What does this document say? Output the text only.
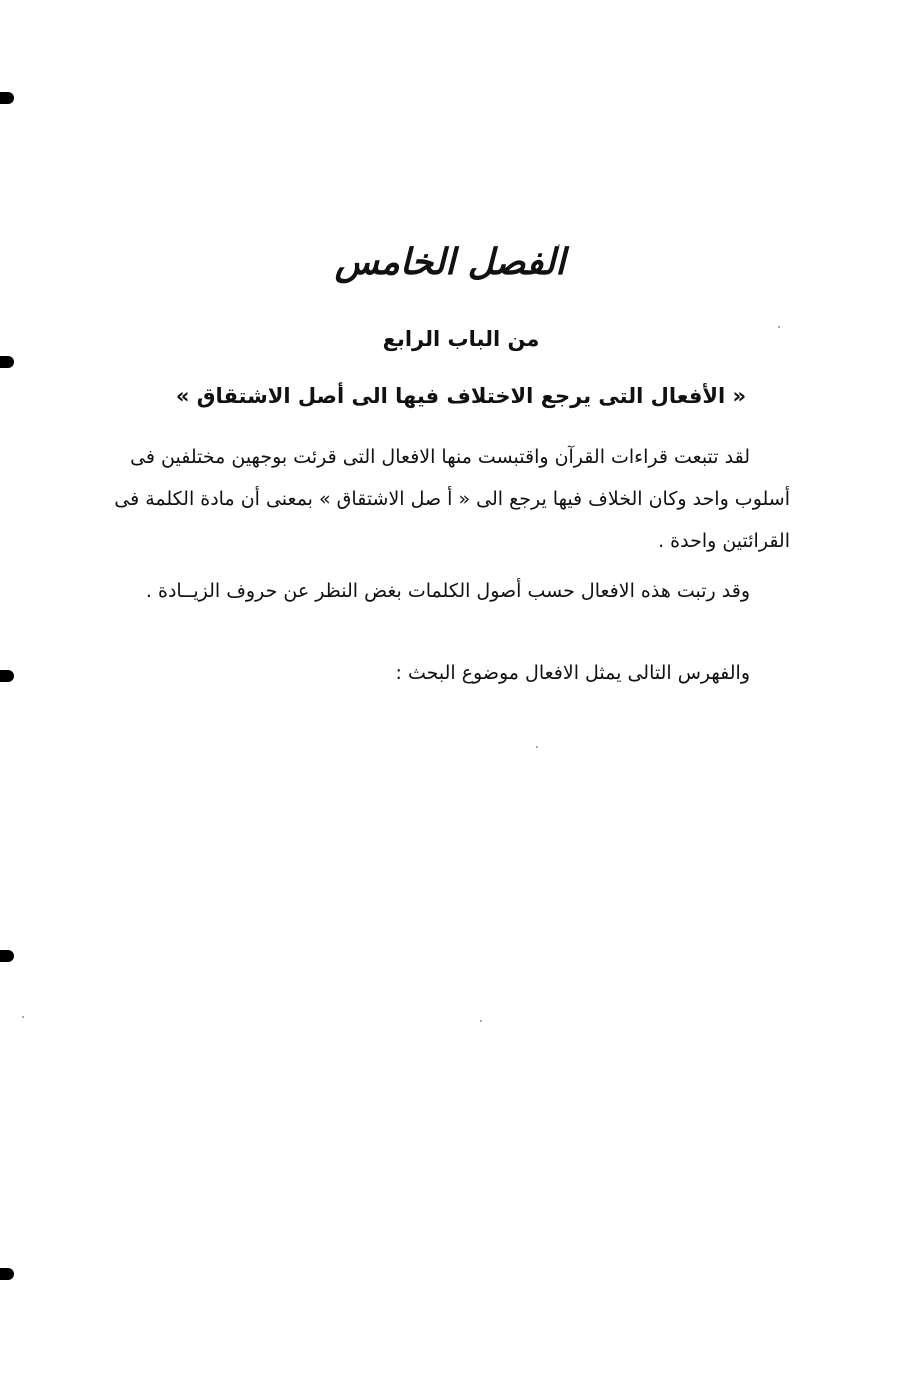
الفصل الخامس
من الباب الرابع
« الأفعال التى يرجع الاختلاف فيها الى أصل الاشتقاق »

لقد تتبعت قراءات القرآن واقتبست منها الافعال التى قرئت بوجهين مختلفين فى أسلوب واحد وكان الخلاف فيها يرجع الى « أ صل الاشتقاق » بمعنى أن مادة الكلمة فى القرائتين واحدة .

وقد رتبت هذه الافعال حسب أصول الكلمات بغض النظر عن حروف الزيــادة .

والفهرس التالى يمثل الافعال موضوع البحث :
